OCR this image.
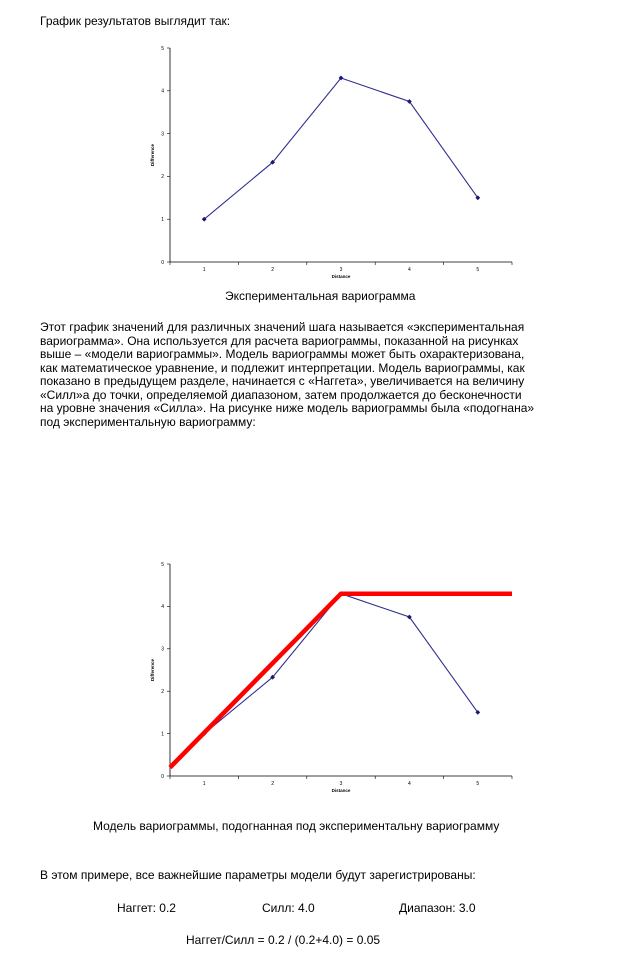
График результатов выглядит так:

0
1
2
3
4
5
1	2	3	4	5
Distance
Difference
0
1
2
3
4
5
1	2	3	4	5
Distance
Difference

Экспериментальная вариограмма

Этот график значений для различных значений шага называется «экспериментальная
вариограмма». Она используется для расчета вариограммы, показанной на рисунках
выше – «модели вариограммы». Модель вариограммы может быть охарактеризована,
как математическое уравнение, и подлежит интерпретации. Модель вариограммы, как
показано в предыдущем разделе, начинается с «Наггета», увеличивается на величину
«Силл»а до точки, определяемой диапазоном, затем продолжается до бесконечности
на уровне значения «Силла». На рисунке ниже модель вариограммы была «подогнана»
под экспериментальную вариограмму:

Модель вариограммы, подогнанная под экспериментальну вариограмму

В этом примере, все важнейшие параметры модели будут зарегистрированы:

Наггет: 0.2	Силл: 4.0	Диапазон: 3.0

Наггет/Силл = 0.2 / (0.2+4.0) = 0.05
